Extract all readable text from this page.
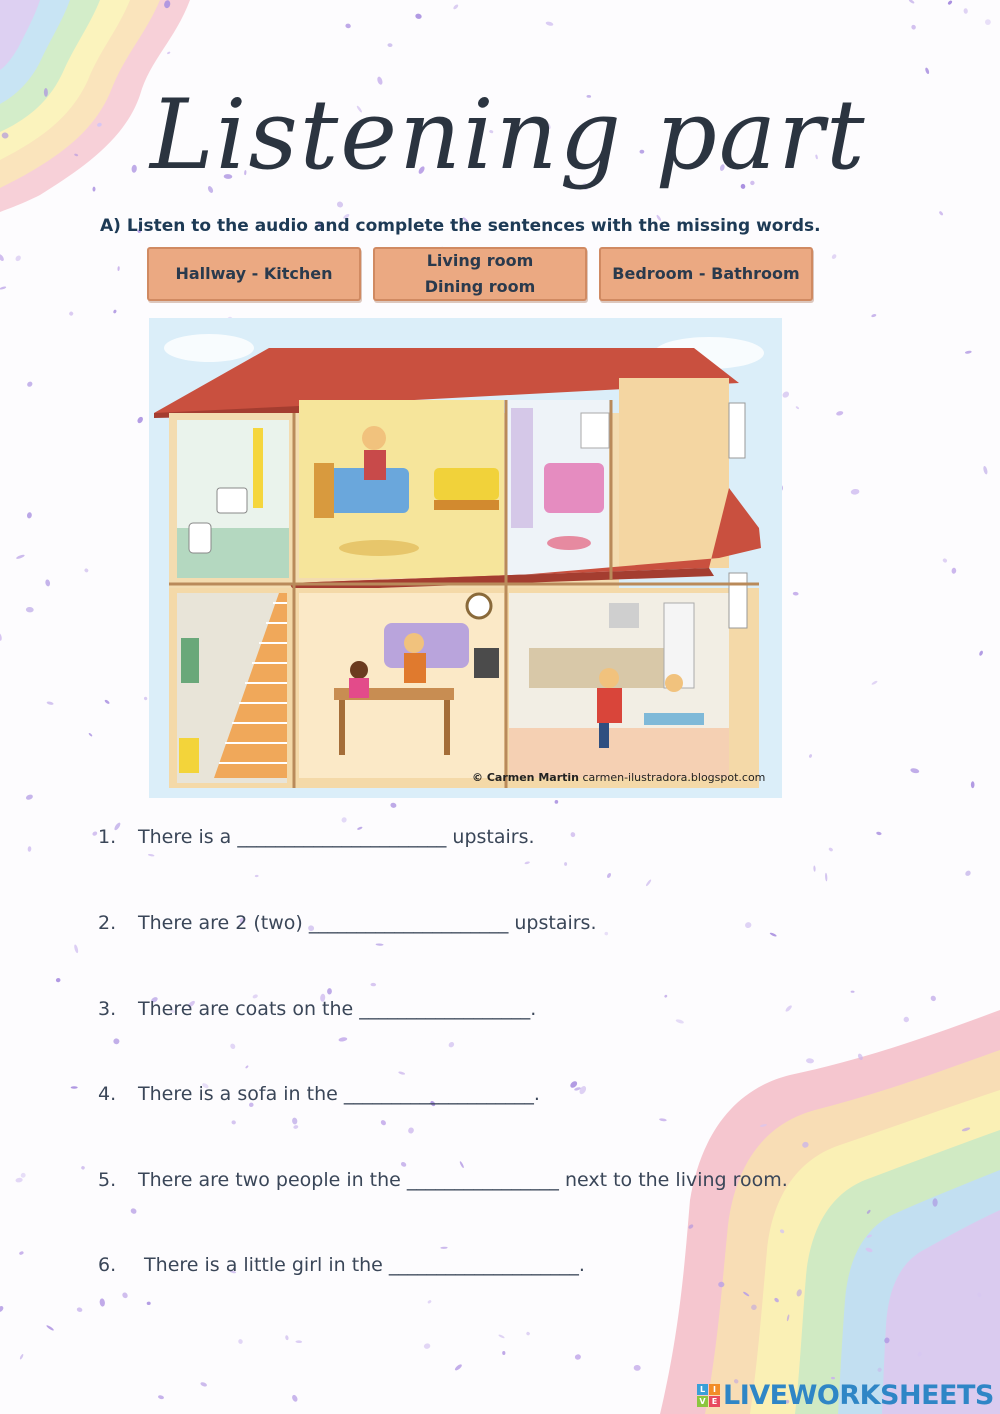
Listening part
A) Listen to the audio and complete the sentences with the missing words.
Hallway - Kitchen
Living room
Dining room
Bedroom - Bathroom
© Carmen Martin carmen-ilustradora.blogspot.com
1. There is a ______________________ upstairs.
2. There are 2 (two) _____________________ upstairs.
3. There are coats on the __________________.
4. There is a sofa in the ____________________.
5. There are two people in the ________________ next to the living room.
6. There is a little girl in the ____________________.
L I
V E LIVEWORKSHEETS
